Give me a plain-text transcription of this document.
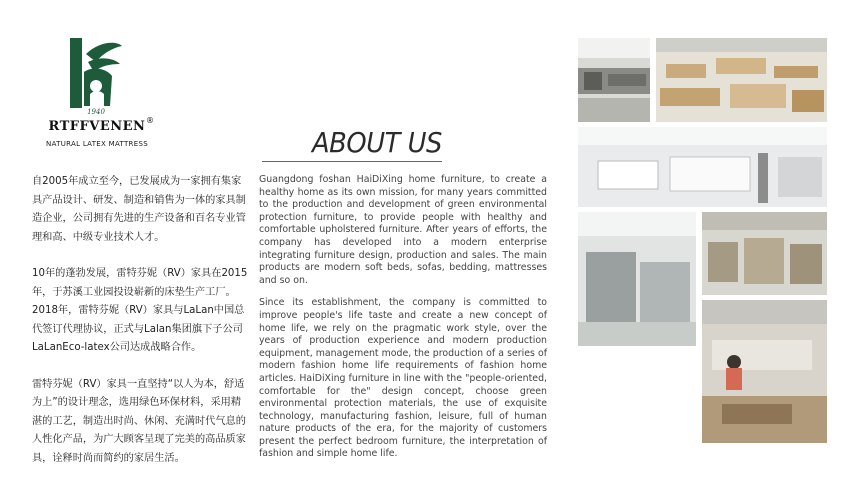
1940
RTFFVENEN ®
NATURAL LATEX MATTRESS

自2005年成立至今，已发展成为一家拥有集家具产品设计、研发、制造和销售为一体的家具制造企业，公司拥有先进的生产设备和百名专业管理和高、中级专业技术人才。

10年的蓬勃发展，雷特芬妮（RV）家具在2015年，于苏溪工业园投设崭新的床垫生产工厂。2018年，雷特芬妮（RV）家具与LaLan中国总代签订代理协议，正式与Lalan集团旗下子公司LaLanEco-latex公司达成战略合作。

雷特芬妮（RV）家具一直坚持“以人为本，舒适为上”的设计理念，选用绿色环保材料，采用精湛的工艺，制造出时尚、休闲、充满时代气息的人性化产品，为广大顾客呈现了完美的高品质家具，诠释时尚而简约的家居生活。

ABOUT US

Guangdong foshan HaiDiXing home furniture, to create a healthy home as its own mission, for many years committed to the production and development of green environmental protection furniture, to provide people with healthy and comfortable upholstered furniture. After years of efforts, the company has developed into a modern enterprise integrating furniture design, production and sales. The main products are modern soft beds, sofas, bedding, mattresses and so on.

Since its establishment, the company is committed to improve people's life taste and create a new concept of home life, we rely on the pragmatic work style, over the years of production experience and modern production equipment, management mode, the production of a series of modern fashion home life requirements of fashion home articles. HaiDiXing furniture in line with the "people-oriented, comfortable for the" design concept, choose green environmental protection materials, the use of exquisite technology, manufacturing fashion, leisure, full of human nature products of the era, for the majority of customers present the perfect bedroom furniture, the interpretation of fashion and simple home life.
